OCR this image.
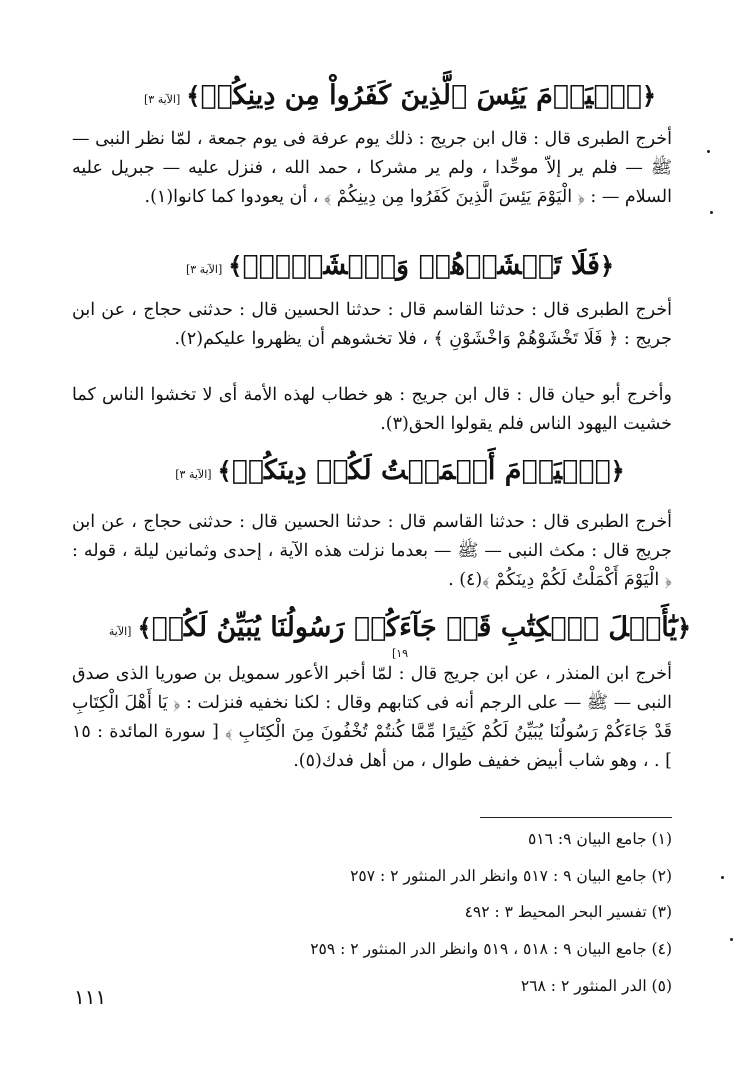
﴿ٱلۡيَوۡمَ يَئِسَ ٱلَّذِينَ كَفَرُواْ مِن دِينِكُمۡ﴾[الآية ٣]
أخرج الطبرى قال : قال ابن جريج : ذلك يوم عرفة فى يوم جمعة ، لمّا نظر النبى — ﷺ — فلم ير إلاّ موحِّدا ، ولم ير مشركا ، حمد الله ، فنزل عليه — جبريل عليه السلام — : ﴿ الْيَوْمَ يَئِسَ الَّذِينَ كَفَرُوا مِن دِينِكُمْ ﴾ ، أن يعودوا كما كانوا(١).
﴿فَلَا تَخۡشَوۡهُمۡ وَٱخۡشَوۡنِۚ﴾[الآية ٣]
أخرج الطبرى قال : حدثنا القاسم قال : حدثنا الحسين قال : حدثنى حجاج ، عن ابن جريج : ﴿ فَلَا تَخْشَوْهُمْ وَاخْشَوْنِ ﴾ ، فلا تخشوهم أن يظهروا عليكم(٢).
وأخرج أبو حيان قال : قال ابن جريج : هو خطاب لهذه الأمة أى لا تخشوا الناس كما خشيت اليهود الناس فلم يقولوا الحق(٣).
﴿ٱلۡيَوۡمَ أَكۡمَلۡتُ لَكُمۡ دِينَكُمۡ﴾[الآية ٣]
أخرج الطبرى قال : حدثنا القاسم قال : حدثنا الحسين قال : حدثنى حجاج ، عن ابن جريج قال : مكث النبى — ﷺ — بعدما نزلت هذه الآية ، إحدى وثمانين ليلة ، قوله : ﴿ الْيَوْمَ أَكْمَلْتُ لَكُمْ دِينَكُمْ ﴾(٤) .
﴿يَٰٓأَهۡلَ ٱلۡكِتَٰبِ قَدۡ جَآءَكُمۡ رَسُولُنَا يُبَيِّنُ لَكُمۡ﴾[الآية ١٩]
أخرج ابن المنذر ، عن ابن جريج قال : لمّا أخبر الأعور سمويل بن صوريا الذى صدق النبى — ﷺ — على الرجم أنه فى كتابهم وقال : لكنا نخفيه فنزلت : ﴿ يَا أَهْلَ الْكِتَابِ قَدْ جَاءَكُمْ رَسُولُنَا يُبَيِّنُ لَكُمْ كَثِيرًا مِّمَّا كُنتُمْ تُخْفُونَ مِنَ الْكِتَابِ ﴾ [ سورة المائدة : ١٥ ] . ، وهو شاب أبيض خفيف طوال ، من أهل فدك(٥).
(١) جامع البيان ٩: ٥١٦
(٢) جامع البيان ٩ : ٥١٧ وانظر الدر المنثور ٢ : ٢٥٧
(٣) تفسير البحر المحيط ٣ : ٤٩٢
(٤) جامع البيان ٩ : ٥١٨ ، ٥١٩ وانظر الدر المنثور ٢ : ٢٥٩
(٥) الدر المنثور ٢ : ٢٦٨
١١١
